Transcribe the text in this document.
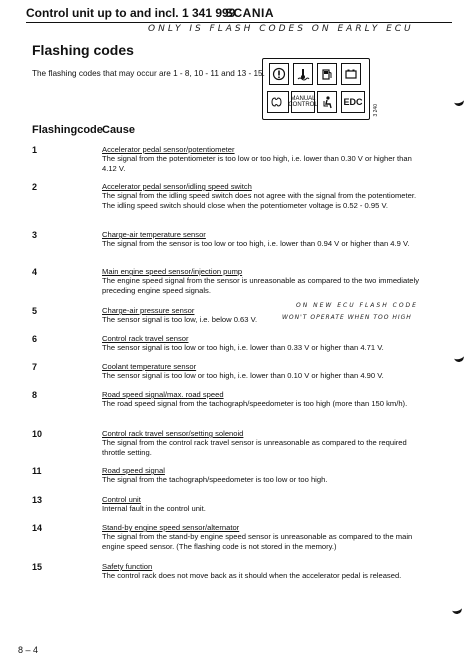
Control unit up to and incl. 1 341 999
SCANIA
ONLY IS FLASH CODES ON EARLY ECU
Flashing codes
The flashing codes that may occur are 1 - 8, 10 - 11 and 13 - 15.
MANUAL CONTROL	EDC
3 240
Flashingcode Cause
1	Accelerator pedal sensor/potentiometer
The signal from the potentiometer is too low or too high, i.e. lower than 0.30 V or higher than 4.12 V.
2	Accelerator pedal sensor/idling speed switch
The signal from the idling speed switch does not agree with the signal from the potentiometer. The idling speed switch should close when the potentiometer voltage is 0.52 - 0.95 V.
3	Charge-air temperature sensor
The signal from the sensor is too low or too high, i.e. lower than 0.94 V or higher than 4.9 V.
4	Main engine speed sensor/injection pump
The engine speed signal from the sensor is unreasonable as compared to the two immediately preceding engine speed signals.
5	Charge-air pressure sensor
The sensor signal is too low, i.e. below 0.63 V.
6	Control rack travel sensor
The sensor signal is too low or too high, i.e. lower than 0.33 V or higher than 4.71 V.
7	Coolant temperature sensor
The sensor signal is too low or too high, i.e. lower than 0.10 V or higher than 4.90 V.
8	Road speed signal/max. road speed
The road speed signal from the tachograph/speedometer is too high (more than 150 km/h).
10	Control rack travel sensor/setting solenoid
The signal from the control rack travel sensor is unreasonable as compared to the required throttle setting.
11	Road speed signal
The signal from the tachograph/speedometer is too low or too high.
13	Control unit
Internal fault in the control unit.
14	Stand-by engine speed sensor/alternator
The signal from the stand-by engine speed sensor is unreasonable as compared to the main engine speed sensor. (The flashing code is not stored in the memory.)
15	Safety function
The control rack does not move back as it should when the accelerator pedal is released.
ON NEW ECU FLASH CODE
WON'T OPERATE WHEN TOO HIGH
8 – 4
